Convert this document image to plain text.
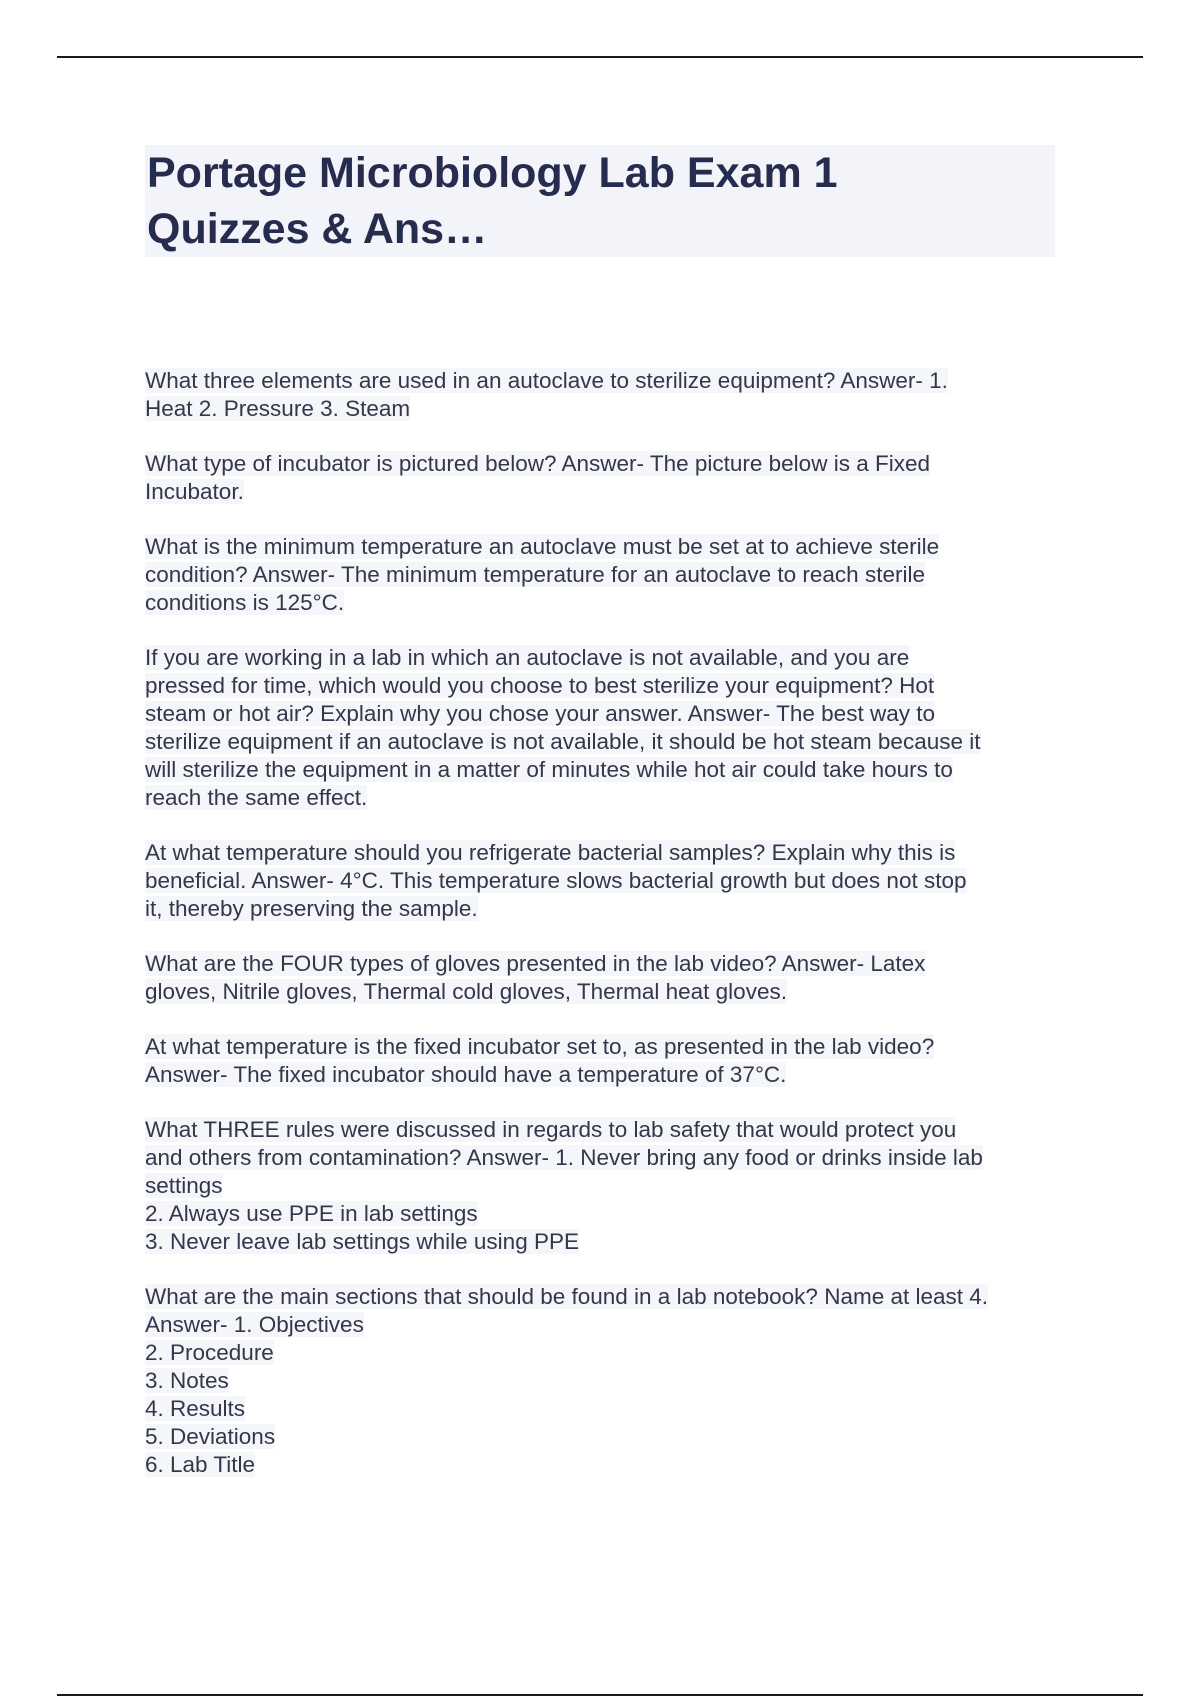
Portage Microbiology Lab Exam 1
Quizzes & Ans…
What three elements are used in an autoclave to sterilize equipment? Answer- 1.
Heat 2. Pressure 3. Steam
What type of incubator is pictured below? Answer- The picture below is a Fixed
Incubator.
What is the minimum temperature an autoclave must be set at to achieve sterile
condition? Answer- The minimum temperature for an autoclave to reach sterile
conditions is 125°C.
If you are working in a lab in which an autoclave is not available, and you are
pressed for time, which would you choose to best sterilize your equipment? Hot
steam or hot air? Explain why you chose your answer. Answer- The best way to
sterilize equipment if an autoclave is not available, it should be hot steam because it
will sterilize the equipment in a matter of minutes while hot air could take hours to
reach the same effect.
At what temperature should you refrigerate bacterial samples? Explain why this is
beneficial. Answer- 4°C. This temperature slows bacterial growth but does not stop
it, thereby preserving the sample.
What are the FOUR types of gloves presented in the lab video? Answer- Latex
gloves, Nitrile gloves, Thermal cold gloves, Thermal heat gloves.
At what temperature is the fixed incubator set to, as presented in the lab video?
Answer- The fixed incubator should have a temperature of 37°C.
What THREE rules were discussed in regards to lab safety that would protect you
and others from contamination? Answer- 1. Never bring any food or drinks inside lab
settings
2. Always use PPE in lab settings
3. Never leave lab settings while using PPE
What are the main sections that should be found in a lab notebook? Name at least 4.
Answer- 1. Objectives
2. Procedure
3. Notes
4. Results
5. Deviations
6. Lab Title
